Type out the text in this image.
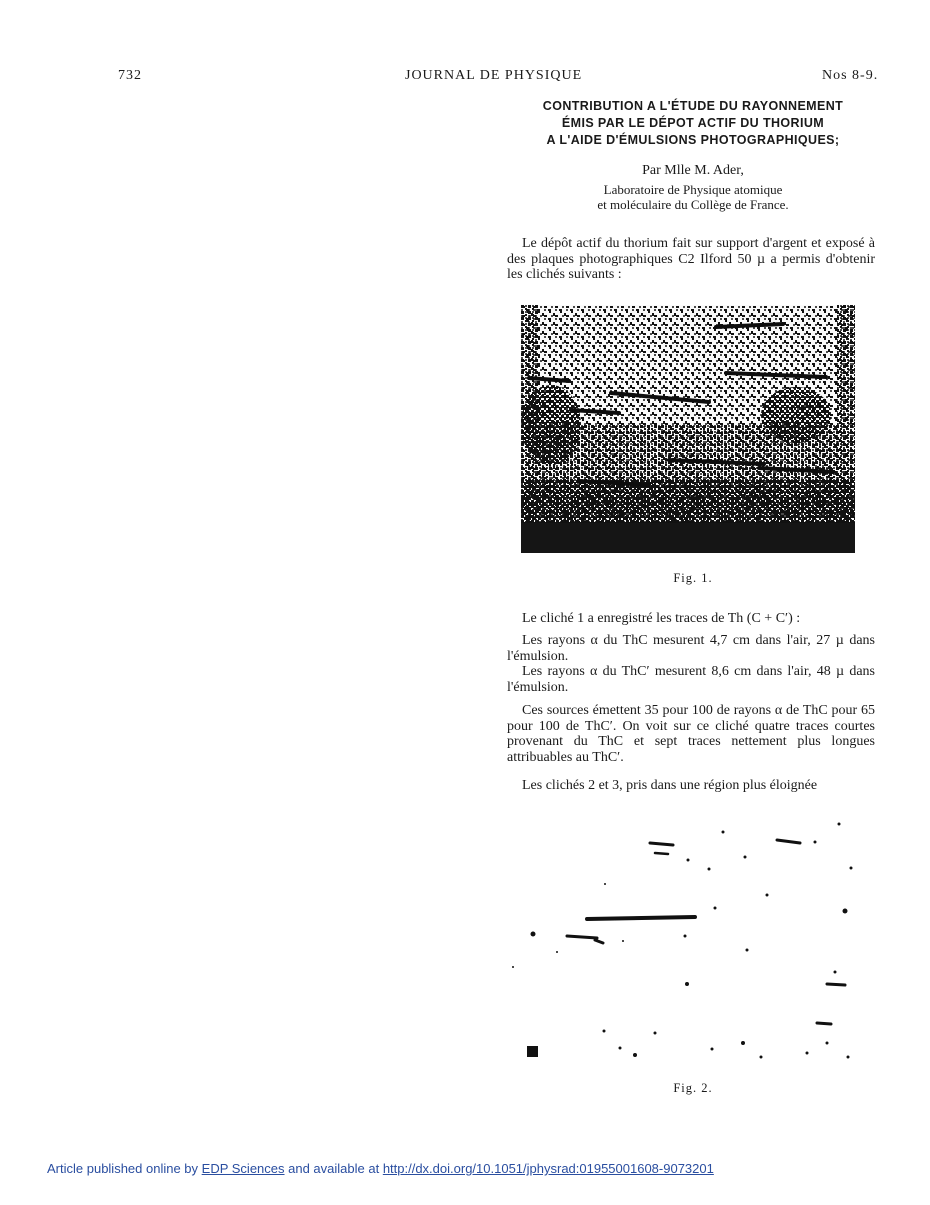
732	JOURNAL DE PHYSIQUE	Nos 8-9.
CONTRIBUTION A L'ÉTUDE DU RAYONNEMENT
ÉMIS PAR LE DÉPOT ACTIF DU THORIUM
A L'AIDE D'ÉMULSIONS PHOTOGRAPHIQUES;
Par Mlle M. Ader,
Laboratoire de Physique atomique
et moléculaire du Collège de France.
Le dépôt actif du thorium fait sur support d'argent et exposé à des plaques photographiques C2 Ilford 50 µ a permis d'obtenir les clichés suivants :
Fig. 1.
Le cliché 1 a enregistré les traces de Th (C + C′) :
Les rayons α du ThC mesurent 4,7 cm dans l'air, 27 µ dans l'émulsion.
Les rayons α du ThC′ mesurent 8,6 cm dans l'air, 48 µ dans l'émulsion.
Ces sources émettent 35 pour 100 de rayons α de ThC pour 65 pour 100 de ThC′. On voit sur ce cliché quatre traces courtes provenant du ThC et sept traces nettement plus longues attribuables au ThC′.
Les clichés 2 et 3, pris dans une région plus éloignée
Fig. 2.
Article published online by EDP Sciences and available at http://dx.doi.org/10.1051/jphysrad:01955001608-9073201
